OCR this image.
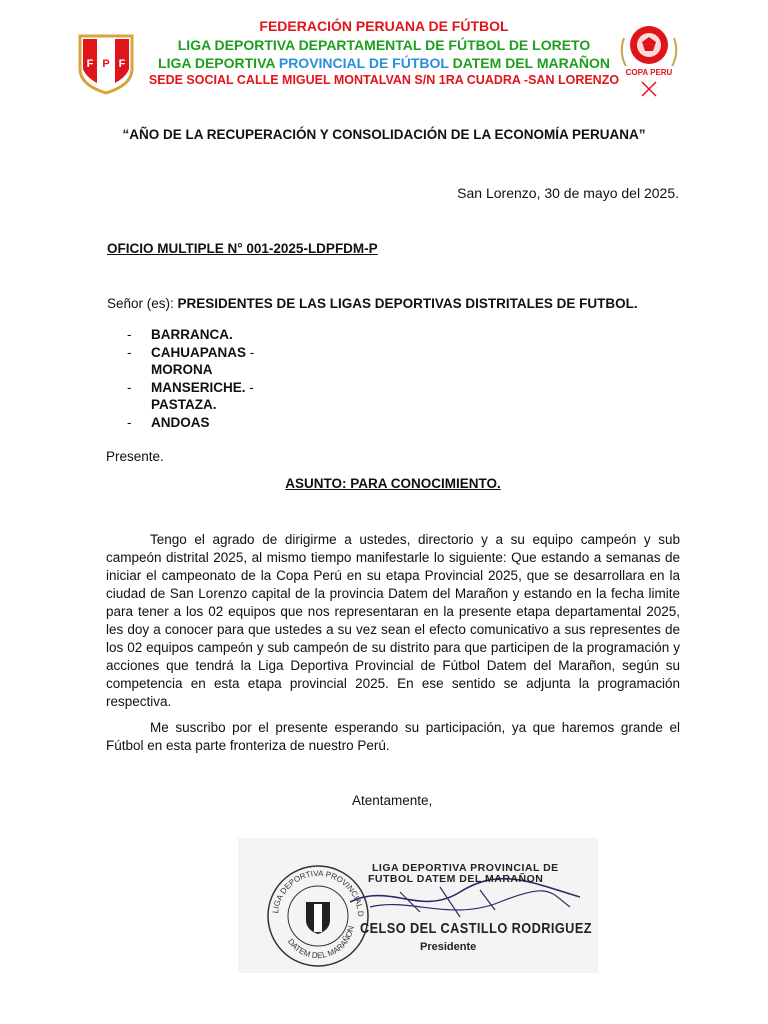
F P F
FEDERACIÓN PERUANA DE FÚTBOL
LIGA DEPORTIVA DEPARTAMENTAL DE FÚTBOL DE LORETO
LIGA DEPORTIVA PROVINCIAL DE FÚTBOL DATEM DEL MARAÑON
SEDE SOCIAL CALLE MIGUEL MONTALVAN S/N 1RA CUADRA -SAN LORENZO
COPA PERU
“AÑO DE LA RECUPERACIÓN Y CONSOLIDACIÓN DE LA ECONOMÍA PERUANA”
San Lorenzo, 30 de mayo del 2025.
OFICIO MULTIPLE N° 001-2025-LDPFDM-P
Señor (es): PRESIDENTES DE LAS LIGAS DEPORTIVAS DISTRITALES DE FUTBOL.
- BARRANCA.
- CAHUAPANAS -
MORONA
- MANSERICHE. -
PASTAZA.
- ANDOAS
Presente.
ASUNTO: PARA CONOCIMIENTO.
Tengo el agrado de dirigirme a ustedes, directorio y a su equipo campeón y sub campeón distrital 2025, al mismo tiempo manifestarle lo siguiente: Que estando a semanas de iniciar el campeonato de la Copa Perú en su etapa Provincial 2025, que se desarrollara en la ciudad de San Lorenzo capital de la provincia Datem del Marañon y estando en la fecha limite para tener a los 02 equipos que nos representaran en la presente etapa departamental 2025, les doy a conocer para que ustedes a su vez sean el efecto comunicativo a sus representes de los 02 equipos campeón y sub campeón de su distrito para que participen de la programación y acciones que tendrá la Liga Deportiva Provincial de Fútbol Datem del Marañon, según su competencia en esta etapa provincial 2025. En ese sentido se adjunta la programación respectiva.
Me suscribo por el presente esperando su participación, ya que haremos grande el Fútbol en esta parte fronteriza de nuestro Perú.
Atentamente,
LIGA DEPORTIVA PROVINCIAL D
DATEM DEL MARAÑON
LIGA DEPORTIVA PROVINCIAL DE
FUTBOL DATEM DEL MARAÑON
CELSO DEL CASTILLO RODRIGUEZ
Presidente
